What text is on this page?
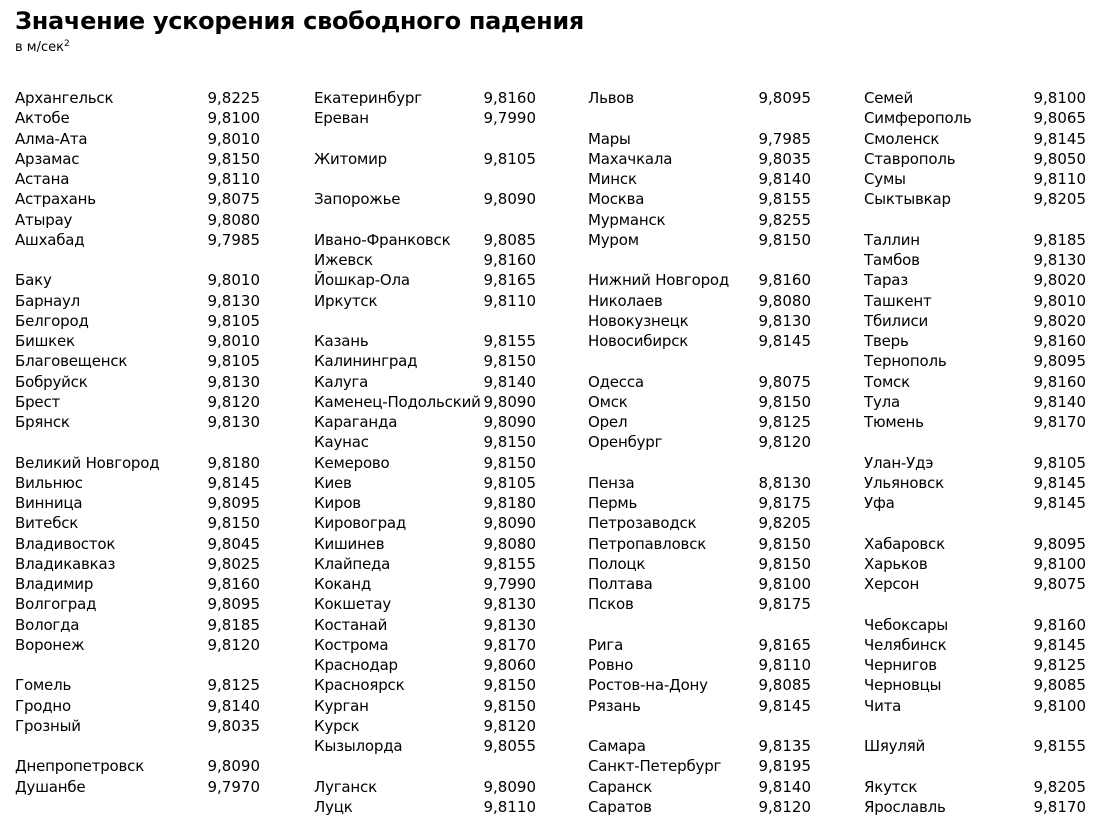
Значение ускорения свободного падения
в м/сек$^2$
Архангельск	9,8225
Актобе	9,8100
Алма-Ата	9,8010
Арзамас	9,8150
Астана	9,8110
Астрахань	9,8075
Атырау	9,8080
Ашхабад	9,7985
Баку	9,8010
Барнаул	9,8130
Белгород	9,8105
Бишкек	9,8010
Благовещенск	9,8105
Бобруйск	9,8130
Брест	9,8120
Брянск	9,8130
Великий Новгород	9,8180
Вильнюс	9,8145
Винница	9,8095
Витебск	9,8150
Владивосток	9,8045
Владикавказ	9,8025
Владимир	9,8160
Волгоград	9,8095
Вологда	9,8185
Воронеж	9,8120
Гомель	9,8125
Гродно	9,8140
Грозный	9,8035
Днепропетровск	9,8090
Душанбе	9,7970
Екатеринбург	9,8160
Ереван	9,7990
Житомир	9,8105
Запорожье	9,8090
Ивано-Франковск 9,8085
Ижевск	9,8160
Йошкар-Ола	9,8165
Иркутск	9,8110
Казань	9,8155
Калининград	9,8150
Калуга	9,8140
Каменец-Подольский 9,8090
Караганда	9,8090
Каунас	9,8150
Кемерово	9,8150
Киев	9,8105
Киров	9,8180
Кировоград	9,8090
Кишинев	9,8080
Клайпеда	9,8155
Коканд	9,7990
Кокшетау	9,8130
Костанай	9,8130
Кострома	9,8170
Краснодар	9,8060
Красноярск	9,8150
Курган	9,8150
Курск	9,8120
Кызылорда	9,8055
Луганск	9,8090
Луцк	9,8110
Львов	9,8095
Мары	9,7985
Махачкала	9,8035
Минск	9,8140
Москва	9,8155
Мурманск	9,8255
Муром	9,8150
Нижний Новгород 9,8160
Николаев	9,8080
Новокузнецк	9,8130
Новосибирск	9,8145
Одесса	9,8075
Омск	9,8150
Орел	9,8125
Оренбург	9,8120
Пенза	8,8130
Пермь	9,8175
Петрозаводск	9,8205
Петропавловск	9,8150
Полоцк	9,8150
Полтава	9,8100
Псков	9,8175
Рига	9,8165
Ровно	9,8110
Ростов-на-Дону	9,8085
Рязань	9,8145
Самара	9,8135
Санкт-Петербург 9,8195
Саранск	9,8140
Саратов	9,8120
Семей	9,8100
Симферополь	9,8065
Смоленск	9,8145
Ставрополь	9,8050
Сумы	9,8110
Сыктывкар	9,8205
Таллин	9,8185
Тамбов	9,8130
Тараз	9,8020
Ташкент	9,8010
Тбилиси	9,8020
Тверь	9,8160
Тернополь	9,8095
Томск	9,8160
Тула	9,8140
Тюмень	9,8170
Улан-Удэ	9,8105
Ульяновск	9,8145
Уфа	9,8145
Хабаровск	9,8095
Харьков	9,8100
Херсон	9,8075
Чебоксары	9,8160
Челябинск	9,8145
Чернигов	9,8125
Черновцы	9,8085
Чита	9,8100
Шяуляй	9,8155
Якутск	9,8205
Ярославль	9,8170
